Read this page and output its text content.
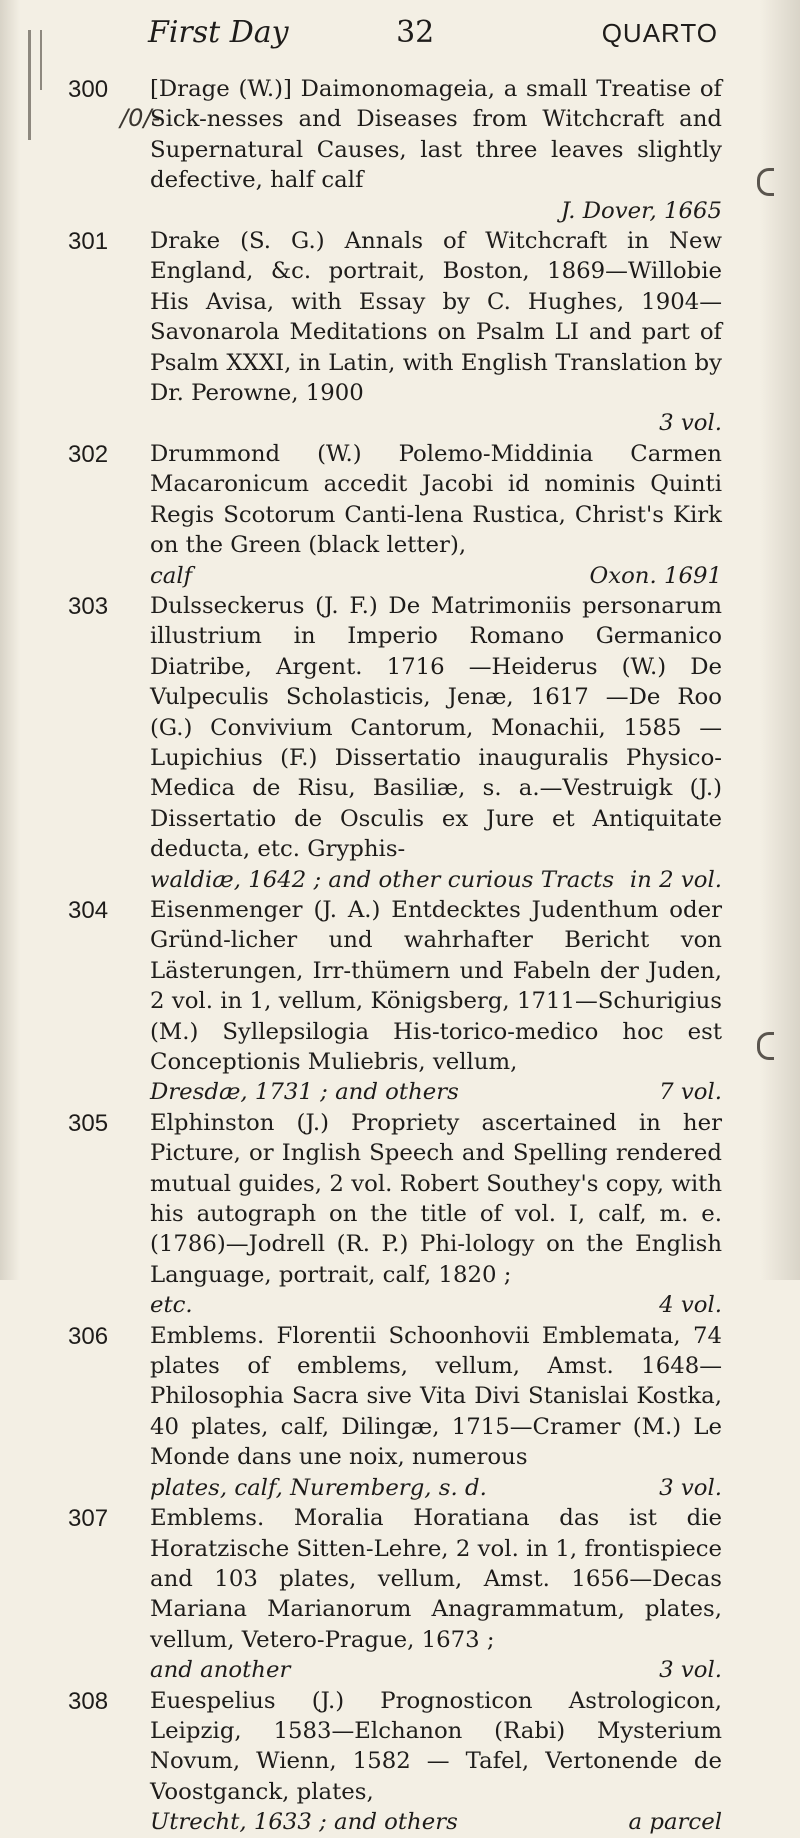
First Day	32	QUARTO
/0/-
300	[Drage (W.)] Daimonomageia, a small Treatise of Sick-nesses and Diseases from Witchcraft and Supernatural Causes, last three leaves slightly defective, half calf
J. Dover, 1665
301	Drake (S. G.) Annals of Witchcraft in New England, &c. portrait, Boston, 1869—Willobie His Avisa, with Essay by C. Hughes, 1904—Savonarola Meditations on Psalm LI and part of Psalm XXXI, in Latin, with English Translation by Dr. Perowne, 1900
3 vol.
302	Drummond (W.) Polemo-Middinia Carmen Macaronicum accedit Jacobi id nominis Quinti Regis Scotorum Canti-lena Rustica, Christ's Kirk on the Green (black letter),
calf	Oxon. 1691
303	Dulsseckerus (J. F.) De Matrimoniis personarum illustrium in Imperio Romano Germanico Diatribe, Argent. 1716 —Heiderus (W.) De Vulpeculis Scholasticis, Jenæ, 1617 —De Roo (G.) Convivium Cantorum, Monachii, 1585 —Lupichius (F.) Dissertatio inauguralis Physico-Medica de Risu, Basiliæ, s. a.—Vestruigk (J.) Dissertatio de Osculis ex Jure et Antiquitate deducta, etc. Gryphis-
waldiæ, 1642 ; and other curious Tracts in 2 vol.
304	Eisenmenger (J. A.) Entdecktes Judenthum oder Gründ-licher und wahrhafter Bericht von Lästerungen, Irr-thümern und Fabeln der Juden, 2 vol. in 1, vellum, Königsberg, 1711—Schurigius (M.) Syllepsilogia His-torico-medico hoc est Conceptionis Muliebris, vellum,
Dresdæ, 1731 ; and others	7 vol.
305	Elphinston (J.) Propriety ascertained in her Picture, or Inglish Speech and Spelling rendered mutual guides, 2 vol. Robert Southey's copy, with his autograph on the title of vol. I, calf, m. e. (1786)—Jodrell (R. P.) Phi-lology on the English Language, portrait, calf, 1820 ;
etc.	4 vol.
306	Emblems. Florentii Schoonhovii Emblemata, 74 plates of emblems, vellum, Amst. 1648—Philosophia Sacra sive Vita Divi Stanislai Kostka, 40 plates, calf, Dilingæ, 1715—Cramer (M.) Le Monde dans une noix, numerous
plates, calf, Nuremberg, s. d.	3 vol.
307	Emblems. Moralia Horatiana das ist die Horatzische Sitten-Lehre, 2 vol. in 1, frontispiece and 103 plates, vellum, Amst. 1656—Decas Mariana Marianorum Anagrammatum, plates, vellum, Vetero-Prague, 1673 ;
and another	3 vol.
308	Euespelius (J.) Prognosticon Astrologicon, Leipzig, 1583—Elchanon (Rabi) Mysterium Novum, Wienn, 1582 — Tafel, Vertonende de Voostganck, plates,
Utrecht, 1633 ; and others	a parcel
